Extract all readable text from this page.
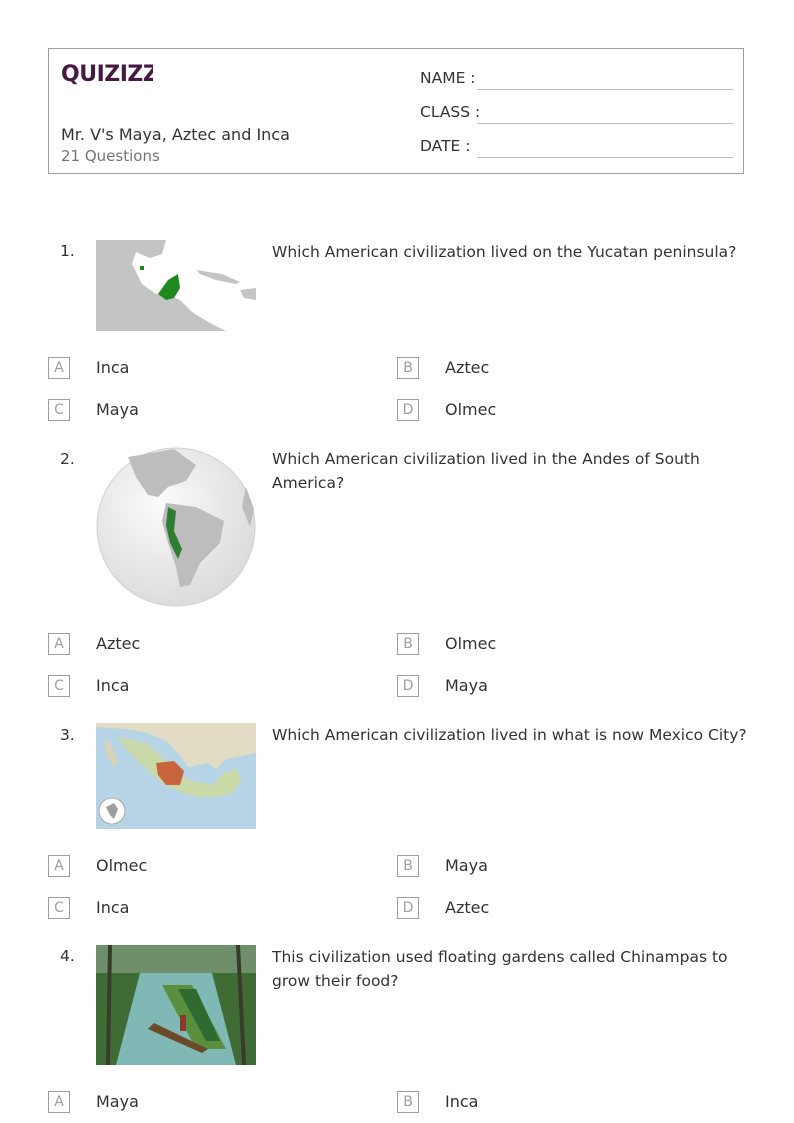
QUIZIZZ
Mr. V's Maya, Aztec and Inca
21 Questions
NAME :
CLASS :
DATE :
1.	Which American civilization lived on the Yucatan peninsula?
A	Inca	B	Aztec
C	Maya	D	Olmec
2.	Which American civilization lived in the Andes of South America?
A	Aztec	B	Olmec
C	Inca	D	Maya
3.	Which American civilization lived in what is now Mexico City?
A	Olmec	B	Maya
C	Inca	D	Aztec
4.	This civilization used floating gardens called Chinampas to grow their food?
A	Maya	B	Inca
